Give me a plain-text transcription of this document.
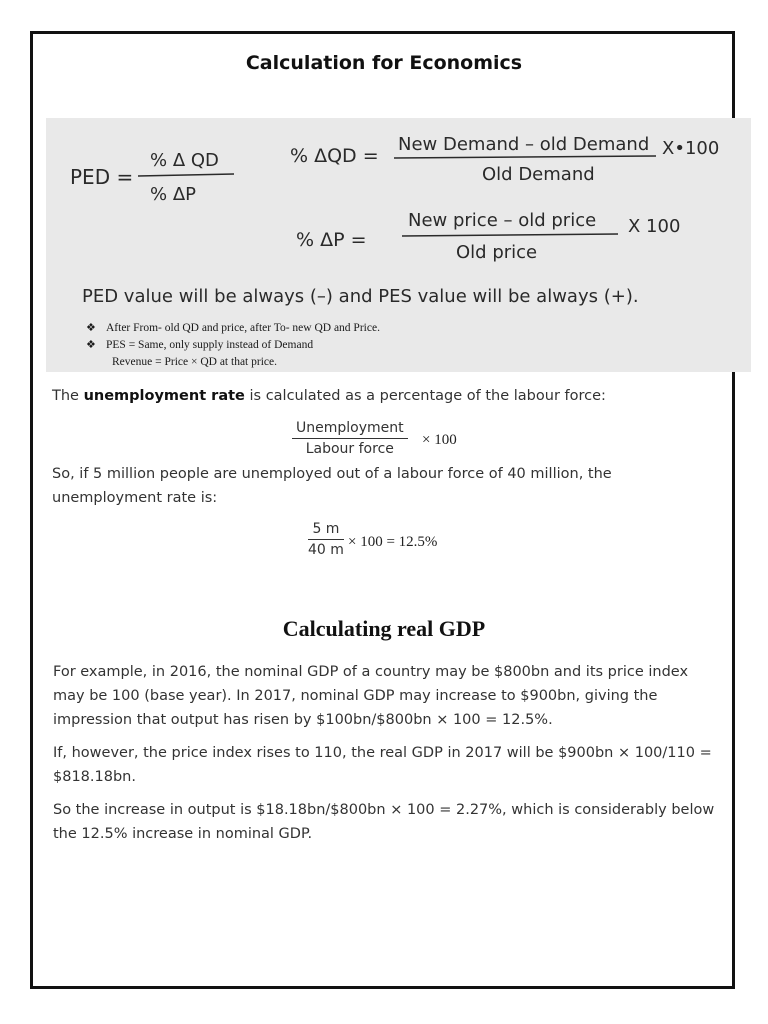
Calculation for Economics
PED =
% Δ QD
% ΔP
% ΔQD =
New Demand – old Demand
Old Demand
X•100
% ΔP =
New price – old price
Old price
X 100
PED value will be always (–) and PES value will be always (+).
❖ After From- old QD and price, after To- new QD and Price.
❖ PES = Same, only supply instead of Demand
Revenue = Price × QD at that price.
The unemployment rate is calculated as a percentage of the labour force:
Unemployment
Labour force
× 100
So, if 5 million people are unemployed out of a labour force of 40 million, the unemployment rate is:
$\frac{5 m}{40 m} \times 100 = 12.5\%$
Calculating real GDP

For example, in 2016, the nominal GDP of a country may be $800bn and its price index may be 100 (base year). In 2017, nominal GDP may increase to $900bn, giving the impression that output has risen by $100bn/$800bn × 100 = 12.5%.

If, however, the price index rises to 110, the real GDP in 2017 will be $900bn × 100/110 = $818.18bn.

So the increase in output is $18.18bn/$800bn × 100 = 2.27%, which is considerably below the 12.5% increase in nominal GDP.
